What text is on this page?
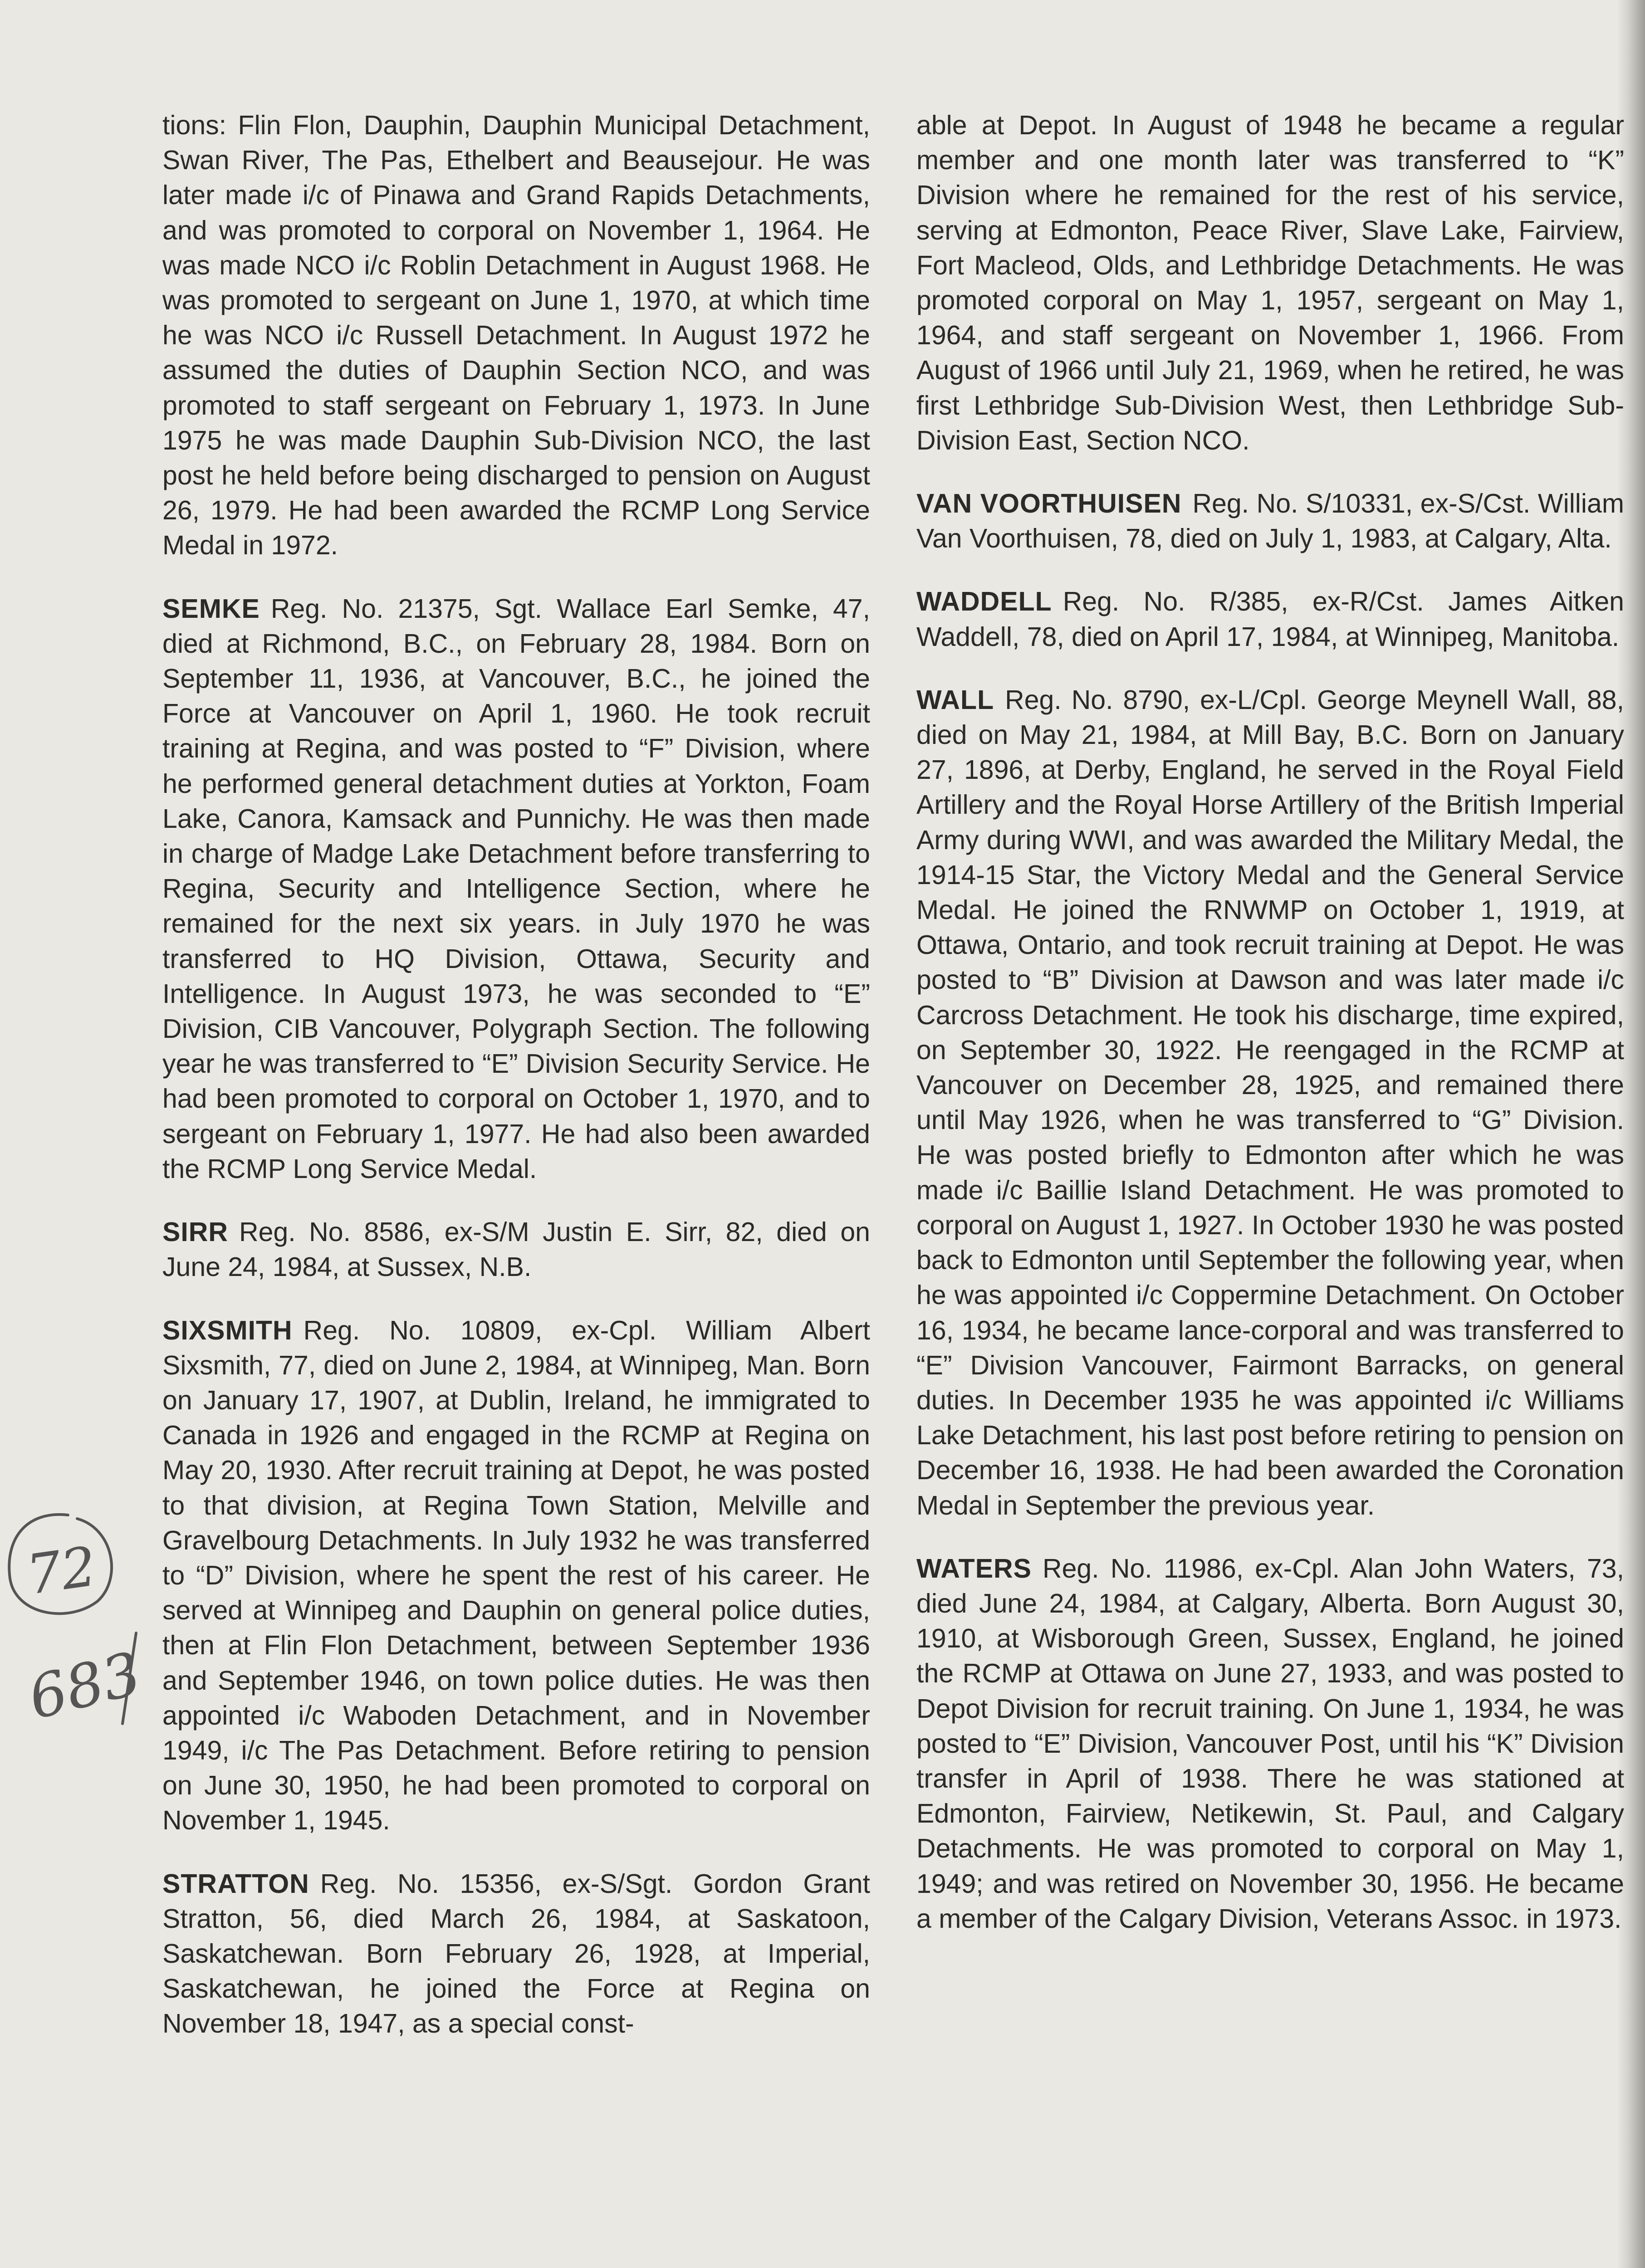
tions: Flin Flon, Dauphin, Dauphin Municipal Detachment, Swan River, The Pas, Ethelbert and Beausejour. He was later made i/c of Pinawa and Grand Rapids Detachments, and was promoted to corporal on November 1, 1964. He was made NCO i/c Roblin Detachment in August 1968. He was promoted to sergeant on June 1, 1970, at which time he was NCO i/c Russell Detachment. In August 1972 he assumed the duties of Dauphin Section NCO, and was promoted to staff sergeant on February 1, 1973. In June 1975 he was made Dauphin Sub-Division NCO, the last post he held before being discharged to pension on August 26, 1979. He had been awarded the RCMP Long Service Medal in 1972.

SEMKE Reg. No. 21375, Sgt. Wallace Earl Semke, 47, died at Richmond, B.C., on February 28, 1984. Born on September 11, 1936, at Vancouver, B.C., he joined the Force at Vancouver on April 1, 1960. He took recruit training at Regina, and was posted to “F” Division, where he performed general detachment duties at Yorkton, Foam Lake, Canora, Kamsack and Punnichy. He was then made in charge of Madge Lake Detachment before transferring to Regina, Security and Intelligence Section, where he remained for the next six years. in July 1970 he was transferred to HQ Division, Ottawa, Security and Intelligence. In August 1973, he was seconded to “E” Division, CIB Vancouver, Polygraph Section. The following year he was transferred to “E” Division Security Service. He had been promoted to corporal on October 1, 1970, and to sergeant on February 1, 1977. He had also been awarded the RCMP Long Service Medal.

SIRR Reg. No. 8586, ex-S/M Justin E. Sirr, 82, died on June 24, 1984, at Sussex, N.B.

SIXSMITH Reg. No. 10809, ex-Cpl. William Albert Sixsmith, 77, died on June 2, 1984, at Winnipeg, Man. Born on January 17, 1907, at Dublin, Ireland, he immigrated to Canada in 1926 and engaged in the RCMP at Regina on May 20, 1930. After recruit training at Depot, he was posted to that division, at Regina Town Station, Melville and Gravelbourg Detachments. In July 1932 he was transferred to “D” Division, where he spent the rest of his career. He served at Winnipeg and Dauphin on general police duties, then at Flin Flon Detachment, between September 1936 and September 1946, on town police duties. He was then appointed i/c Waboden Detachment, and in November 1949, i/c The Pas Detachment. Before retiring to pension on June 30, 1950, he had been promoted to corporal on November 1, 1945.

STRATTON Reg. No. 15356, ex-S/Sgt. Gordon Grant Stratton, 56, died March 26, 1984, at Saskatoon, Saskatchewan. Born February 26, 1928, at Imperial, Saskatchewan, he joined the Force at Regina on November 18, 1947, as a special const-

able at Depot. In August of 1948 he became a regular member and one month later was transferred to “K” Division where he remained for the rest of his service, serving at Edmonton, Peace River, Slave Lake, Fairview, Fort Macleod, Olds, and Lethbridge Detachments. He was promoted corporal on May 1, 1957, sergeant on May 1, 1964, and staff sergeant on November 1, 1966. From August of 1966 until July 21, 1969, when he retired, he was first Lethbridge Sub-Division West, then Lethbridge Sub-Division East, Section NCO.

VAN VOORTHUISEN Reg. No. S/10331, ex-S/Cst. William Van Voorthuisen, 78, died on July 1, 1983, at Calgary, Alta.

WADDELL Reg. No. R/385, ex-R/Cst. James Aitken Waddell, 78, died on April 17, 1984, at Winnipeg, Manitoba.

WALL Reg. No. 8790, ex-L/Cpl. George Meynell Wall, 88, died on May 21, 1984, at Mill Bay, B.C. Born on January 27, 1896, at Derby, England, he served in the Royal Field Artillery and the Royal Horse Artillery of the British Imperial Army during WWI, and was awarded the Military Medal, the 1914-15 Star, the Victory Medal and the General Service Medal. He joined the RNWMP on October 1, 1919, at Ottawa, Ontario, and took recruit training at Depot. He was posted to “B” Division at Dawson and was later made i/c Carcross Detachment. He took his discharge, time expired, on September 30, 1922. He reengaged in the RCMP at Vancouver on December 28, 1925, and remained there until May 1926, when he was transferred to “G” Division. He was posted briefly to Edmonton after which he was made i/c Baillie Island Detachment. He was promoted to corporal on August 1, 1927. In October 1930 he was posted back to Edmonton until September the following year, when he was appointed i/c Coppermine Detachment. On October 16, 1934, he became lance-corporal and was transferred to “E” Division Vancouver, Fairmont Barracks, on general duties. In December 1935 he was appointed i/c Williams Lake Detachment, his last post before retiring to pension on December 16, 1938. He had been awarded the Coronation Medal in September the previous year.

WATERS Reg. No. 11986, ex-Cpl. Alan John Waters, 73, died June 24, 1984, at Calgary, Alberta. Born August 30, 1910, at Wisborough Green, Sussex, England, he joined the RCMP at Ottawa on June 27, 1933, and was posted to Depot Division for recruit training. On June 1, 1934, he was posted to “E” Division, Vancouver Post, until his “K” Division transfer in April of 1938. There he was stationed at Edmonton, Fairview, Netikewin, St. Paul, and Calgary Detachments. He was promoted to corporal on May 1, 1949; and was retired on November 30, 1956. He became a member of the Calgary Division, Veterans Assoc. in 1973.

72
683
